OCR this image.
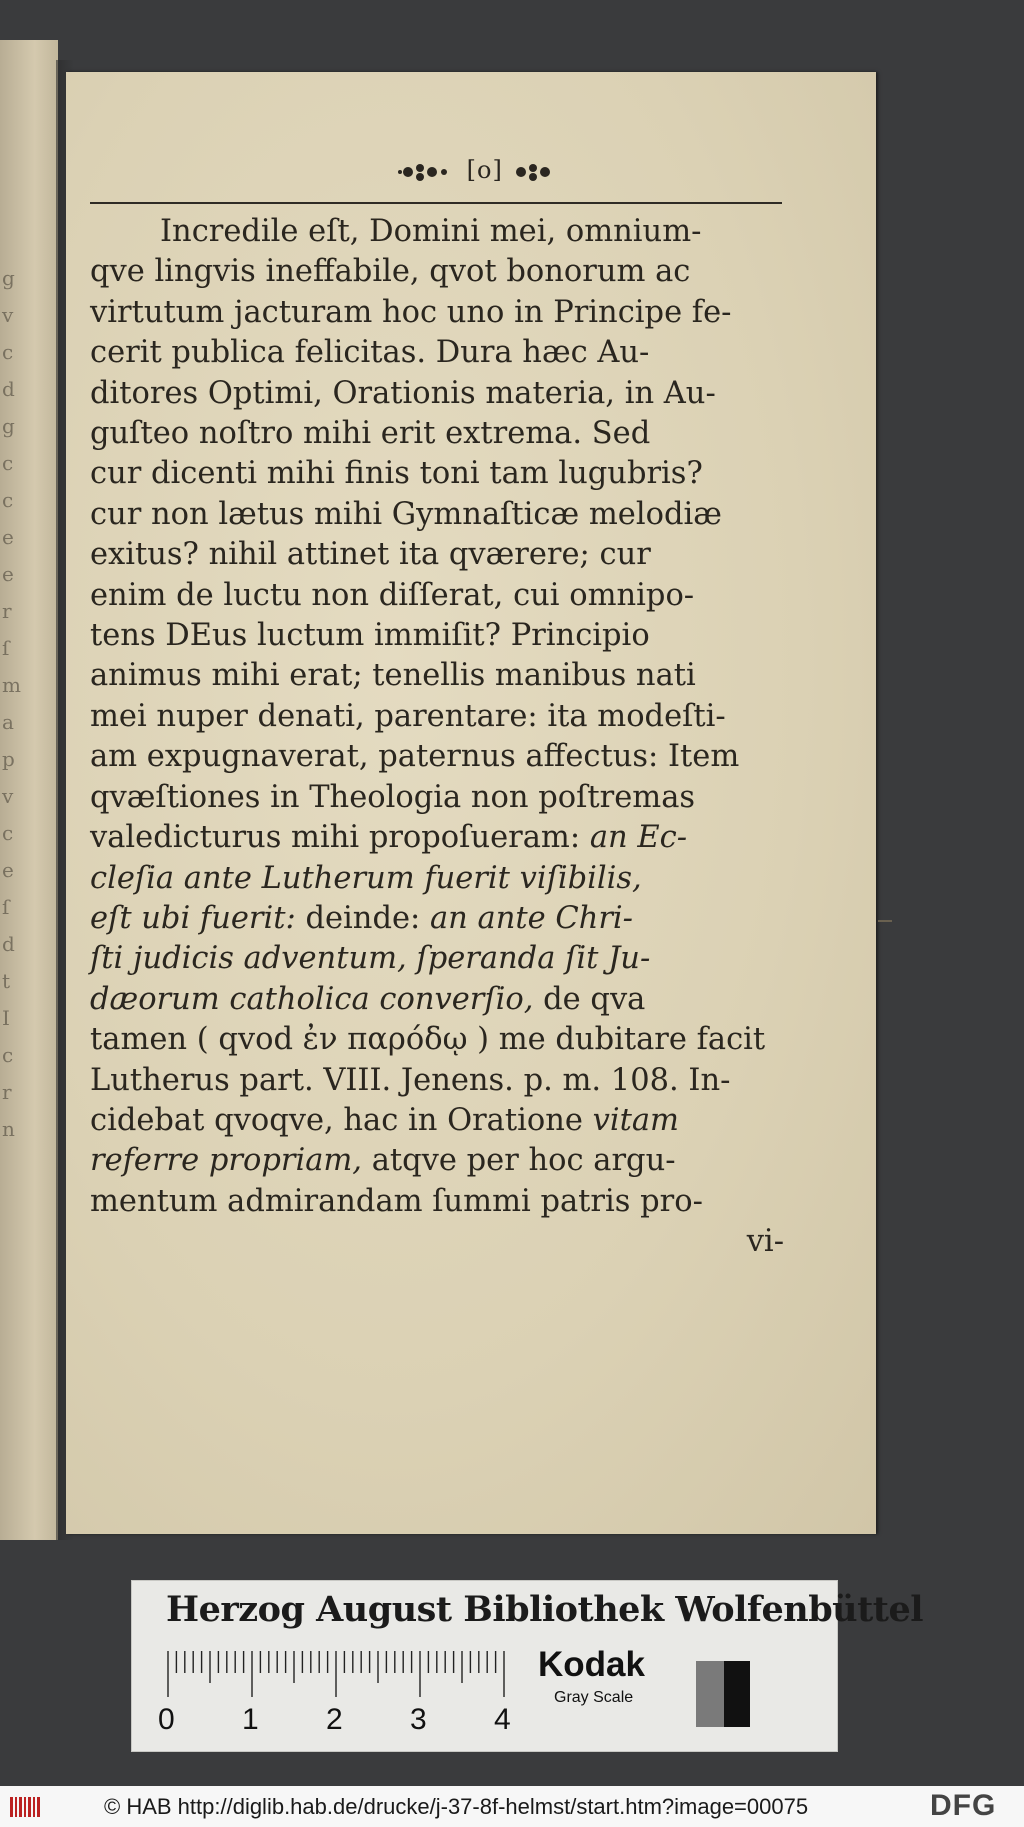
g
v
c
d
g
c
c
e
e
r
ſ
m
a
p
v
c
e
ſ
d
t
I
c
r
n
[o]
Incredile eſt, Domini mei, omnium-
qve lingvis ineffabile, qvot bonorum ac
virtutum jacturam hoc uno in Principe fe-
cerit publica felicitas. Dura hæc Au-
ditores Optimi, Orationis materia, in Au-
guſteo noſtro mihi erit extrema. Sed
cur dicenti mihi finis toni tam lugubris?
cur non lætus mihi Gymnaſticæ melodiæ
exitus? nihil attinet ita qværere; cur
enim de luctu non diſſerat, cui omnipo-
tens DEus luctum immiſit? Principio
animus mihi erat; tenellis manibus nati
mei nuper denati, parentare: ita modeſti-
am expugnaverat, paternus affectus: Item
qvæſtiones in Theologia non poſtremas
valedicturus mihi propoſueram: an Ec-
cleſia ante Lutherum fuerit viſibilis,
eſt ubi fuerit: deinde: an ante Chri-
ſti judicis adventum, ſperanda ſit Ju-
dæorum catholica converſio, de qva
tamen ( qvod ἐν παρόδῳ ) me dubitare facit
Lutherus part. VIII. Jenens. p. m. 108. In-
cidebat qvoqve, hac in Oratione vitam
referre propriam, atqve per hoc argu-
mentum admirandam ſummi patris pro-
vi-
Herzog August Bibliothek Wolfenbüttel
0 1 2 3 4
Kodak
Gray Scale
© HAB http://diglib.hab.de/drucke/j-37-8f-helmst/start.htm?image=00075	DFG
